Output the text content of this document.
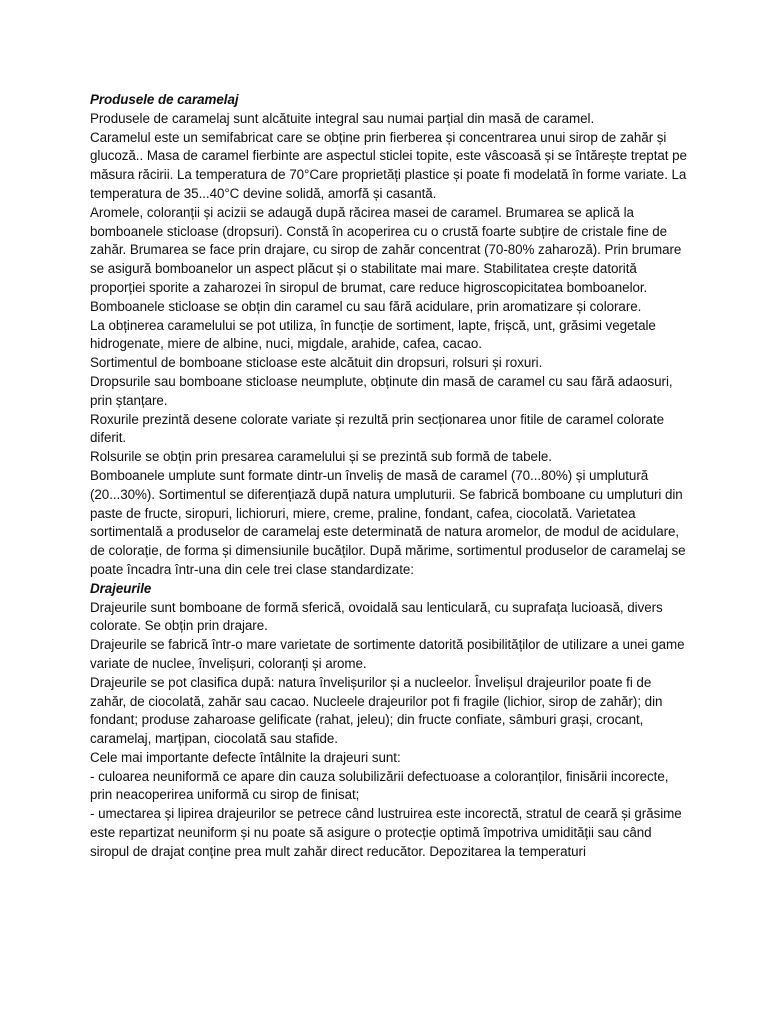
Produsele de caramelaj

Produsele de caramelaj sunt alcătuite integral sau numai parțial din masă de caramel.

Caramelul este un semifabricat care se obține prin fierberea și concentrarea unui sirop de zahăr și glucoză.. Masa de caramel fierbinte are aspectul sticlei topite, este vâscoasă și se întărește treptat pe măsura răcirii. La temperatura de 70°Care proprietăți plastice și poate fi modelată în forme variate. La temperatura de 35...40°C devine solidă, amorfă și casantă.

Aromele, coloranții și acizii se adaugă după răcirea masei de caramel. Brumarea se aplică la bomboanele sticloase (dropsuri). Constă în acoperirea cu o crustă foarte subțire de cristale fine de zahăr. Brumarea se face prin drajare, cu sirop de zahăr concentrat (70-80% zaharoză). Prin brumare se asigură bomboanelor un aspect plăcut și o stabilitate mai mare. Stabilitatea crește datorită proporției sporite a zaharozei în siropul de brumat, care reduce higroscopicitatea bomboanelor.

Bomboanele sticloase se obțin din caramel cu sau fără acidulare, prin aromatizare și colorare.

La obținerea caramelului se pot utiliza, în funcție de sortiment, lapte, frișcă, unt, grăsimi vegetale hidrogenate, miere de albine, nuci, migdale, arahide, cafea, cacao.

Sortimentul de bomboane sticloase este alcătuit din dropsuri, rolsuri și roxuri.

Dropsurile sau bomboane sticloase neumplute, obținute din masă de caramel cu sau fără adaosuri, prin ștanțare.

Roxurile prezintă desene colorate variate și rezultă prin secționarea unor fitile de caramel colorate diferit.

Rolsurile se obțin prin presarea caramelului și se prezintă sub formă de tabele.

Bomboanele umplute sunt formate dintr-un înveliș de masă de caramel (70...80%) și umplutură (20...30%). Sortimentul se diferențiază după natura umpluturii. Se fabrică bomboane cu umpluturi din paste de fructe, siropuri, lichioruri, miere, creme, praline, fondant, cafea, ciocolată. Varietatea sortimentală a produselor de caramelaj este determinată de natura aromelor, de modul de acidulare, de colorație, de forma și dimensiunile bucăților. După mărime, sortimentul produselor de caramelaj se poate încadra într-una din cele trei clase standardizate:

Drajeurile

Drajeurile sunt bomboane de formă sferică, ovoidală sau lenticulară, cu suprafața lucioasă, divers colorate. Se obțin prin drajare.

Drajeurile se fabrică într-o mare varietate de sortimente datorită posibilităților de utilizare a unei game variate de nuclee, învelișuri, coloranți și arome.

Drajeurile se pot clasifica după: natura învelișurilor și a nucleelor. Învelișul drajeurilor poate fi de zahăr, de ciocolată, zahăr sau cacao. Nucleele drajeurilor pot fi fragile (lichior, sirop de zahăr); din fondant; produse zaharoase gelificate (rahat, jeleu); din fructe confiate, sâmburi grași, crocant, caramelaj, marțipan, ciocolată sau stafide.

Cele mai importante defecte întâlnite la drajeuri sunt:

- culoarea neuniformă ce apare din cauza solubilizării defectuoase a coloranților, finisării incorecte, prin neacoperirea uniformă cu sirop de finisat;

- umectarea și lipirea drajeurilor se petrece când lustruirea este incorectă, stratul de ceară și grăsime este repartizat neuniform și nu poate să asigure o protecție optimă împotriva umidității sau când siropul de drajat conține prea mult zahăr direct reducător. Depozitarea la temperaturi
